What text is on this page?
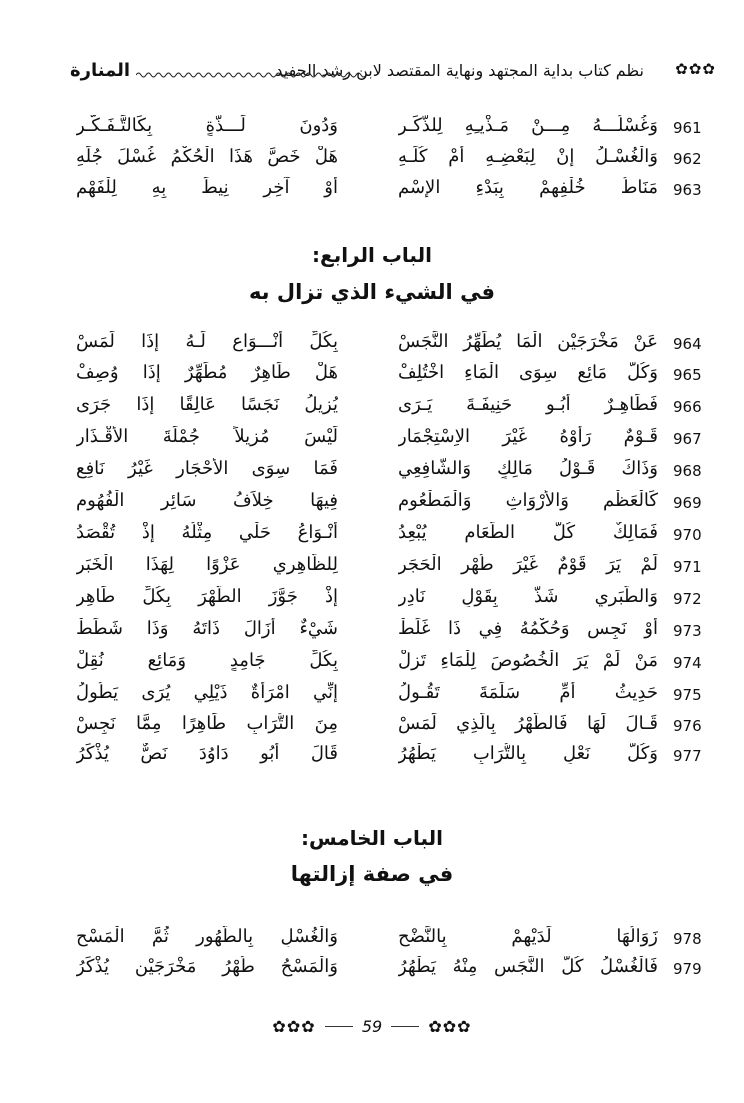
✿✿✿
نظم كتاب بداية المجتهد ونهاية المقتصد لابن رشد الحفيد
المنارة
961
وَغُسْلُـــهُ مِـــنْ مَـذْيـِهِ لِلذَّكَـرِ
وَدُونَ لَـــذَّةٍ بِكَالتَّـفَـكُّـرِ
962
وَالْغُسْـلُ إِنْ لِبَعْضِـهِ أَمْ كُلِّـهِ
هَلْ خَصَّ هَذَا الْحُكْمُ غُسْلَ جُلِّهِ
963
مَنَاطُ خُلْفِهِمْ بِبَدْءِ الإِسْمِ
أَوْ آخِرٍ نِيطَ بِهِ لِلْفَهْمِ
الباب الرابع:
في الشيء الذي تزال به
964
عَنْ مَخْرَجَيْنِ الْمَا يُطَهِّرُ النَّجَسْ
بِكُلِّ أَنْـــوَاعٍ لَـهُ إِذَا لَمَسْ
965
وَكُلُّ مَائِعٍ سِوَى الْمَاءِ اخْتُلِفْ
هَلْ طَاهِرٌ مُطَهِّرٌ إِذَا وُصِفْ
966
فَطَاهِـرٌ أَبُـو حَنِيفَـةَ يَـرَى
يُزِيلُ نَجَسًا عَالِقًا إِذَا جَرَى
967
قَـوْمٌ رَأَوْهُ غَيْرَ الاِسْتِجْمَارِ
لَيْسَ مُزِيلاً جُمْلَةَ الأَقْـذَارِ
968
وَذَاكَ قَـوْلُ مَالِكٍ وَالشَّافِعِي
فَمَا سِوَى الأَحْجَارِ غَيْرُ نَافِعِ
969
كَالْعَظْمِ وَالأَرْوَاثِ وَالْمَطْعُومِ
فِيهَا خِلاَفُ سَائِرِ الْفُهُومِ
970
فَمَالِكٌ كُلَّ الطَّعَامِ يُبْعِدُ
أَنْـوَاعُ حَلْيٍ مِثْلُهُ إِذْ تُقْصَدُ
971
لَمْ يَرَ قَوْمٌ غَيْرَ طُهْرِ الْحَجَرِ
لِلظَّاهِرِي عَزْوًا لِهَذَا الْخَبَرِ
972
وَالطَّبَرِي شَذَّ بِقَوْلٍ نَادِرِ
إِذْ جَوَّزَ الطُّهْرَ بِكُلِّ طَاهِرِ
973
أَوْ نَجِسٍ وَحُكْمُهُ فِي ذَا غَلَطْ
شَيْءٌ أَزَالَ ذَاتَهُ وَذَا شَطَطْ
974
مَنْ لَمْ يَرَ الْخُصُوصَ لِلْمَاءِ تَزِلْ
بِكُلِّ جَامِدٍ وَمَائِعٍ نُقِلْ
975
حَدِيثُ أُمِّ سَلَمَةَ تَقُـولُ
إِنِّي امْرَأَةٌ ذَيْلِي يُرَى يَطُولُ
976
قَـالَ لَهَا فَالطُّهْرُ بِالَّذِي لَمَسْ
مِنَ التُّرَابِ طَاهِرًا مِمَّا نَجِسْ
977
وَكُلُّ نَعْلٍ بِالتُّرَابِ يَطْهُرُ
قَالَ أَبُو دَاوُدَ نَصٌّ يُذْكَرُ
الباب الخامس:
في صفة إزالتها
978
زَوَالُهَا لَدَيْهِمْ بِالنَّضْحِ
وَالْغُسْلِ بِالطَّهُورِ ثُمَّ الْمَسْحِ
979
فَالْغُسْلُ كُلَّ النَّجَسِ مِنْهُ يَطْهُرُ
وَالْمَسْحُ طُهْرُ مَخْرَجَيْنِ يُذْكَرُ
✿✿✿	59	✿✿✿
